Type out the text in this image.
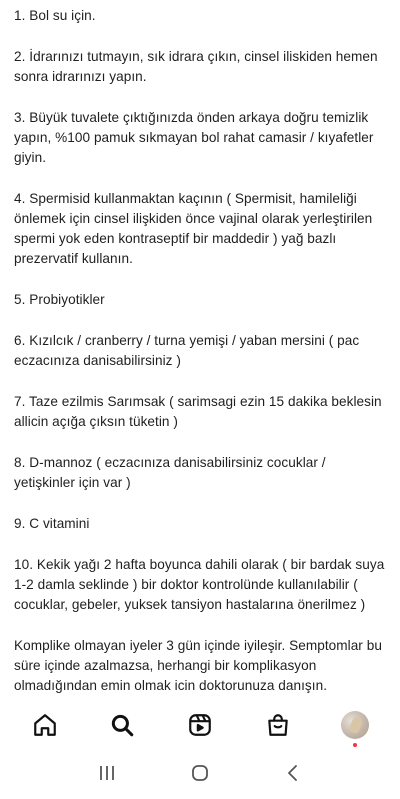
1. Bol su için.

2. İdrarınızı tutmayın, sık idrara çıkın, cinsel iliskiden hemen sonra idrarınızı yapın.

3. Büyük tuvalete çıktığınızda önden arkaya doğru temizlik yapın, %100 pamuk sıkmayan bol rahat camasir / kıyafetler giyin.

4. Spermisid kullanmaktan kaçının ( Spermisit, hamileliği önlemek için cinsel ilişkiden önce vajinal olarak yerleştirilen spermi yok eden kontraseptif bir maddedir ) yağ bazlı prezervatif kullanın.

5. Probiyotikler

6. Kızılcık / cranberry / turna yemişi / yaban mersini ( pac eczacınıza danisabilirsiniz )

7. Taze ezilmis Sarımsak ( sarimsagi ezin 15 dakika beklesin allicin açığa çıksın tüketin )

8. D-mannoz ( eczacınıza danisabilirsiniz cocuklar / yetişkinler için var )

9. C vitamini

10. Kekik yağı 2 hafta boyunca dahili olarak ( bir bardak suya 1-2 damla seklinde ) bir doktor kontrolünde kullanılabilir ( cocuklar, gebeler, yuksek tansiyon hastalarına önerilmez )

Komplike olmayan iyeler 3 gün içinde iyileşir. Semptomlar bu süre içinde azalmazsa, herhangi bir komplikasyon olmadığından emin olmak icin doktorunuza danışın.
